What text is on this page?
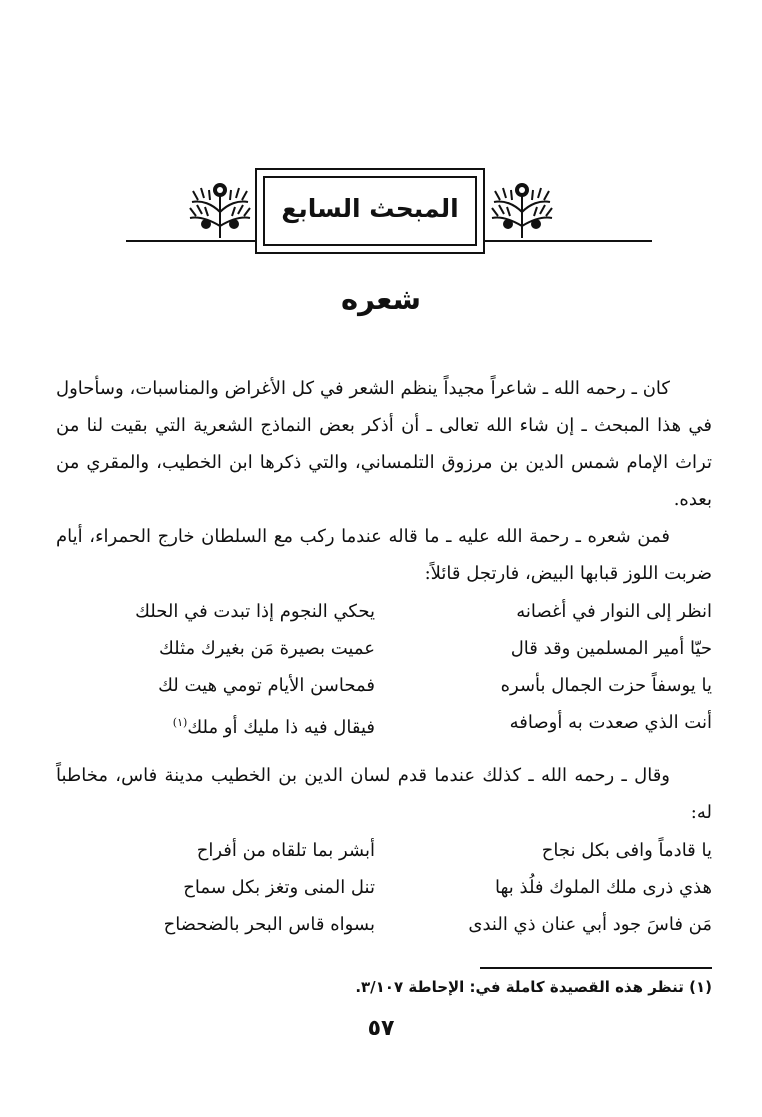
المبحث السابع
شعره

كان ـ رحمه الله ـ شاعراً مجيداً ينظم الشعر في كل الأغراض والمناسبات، وسأحاول في هذا المبحث ـ إن شاء الله تعالى ـ أن أذكر بعض النماذج الشعرية التي بقيت لنا من تراث الإمام شمس الدين بن مرزوق التلمساني، والتي ذكرها ابن الخطيب، والمقري من بعده.

فمن شعره ـ رحمة الله عليه ـ ما قاله عندما ركب مع السلطان خارج الحمراء، أيام ضربت اللوز قبابها البيض، فارتجل قائلاً:

انظر إلى النوار في أغصانه
يحكي النجوم إذا تبدت في الحلك
حيّا أمير المسلمين وقد قال
عميت بصيرة مَن بغيرك مثلك
يا يوسفاً حزت الجمال بأسره
فمحاسن الأيام تومي هيت لك
أنت الذي صعدت به أوصافه
فيقال فيه ذا مليك أو ملك$^{(١)}$

وقال ـ رحمه الله ـ كذلك عندما قدم لسان الدين بن الخطيب مدينة فاس، مخاطباً له:

يا قادماً وافى بكل نجاح
أبشر بما تلقاه من أفراح
هذي ذرى ملك الملوك فلُذ بها
تنل المنى وتغز بكل سماح
مَن فاسَ جود أبي عنان ذي الندى
بسواه قاس البحر بالضحضاح
(١) تنظر هذه القصيدة كاملة في: الإحاطة ٣/١٠٧.
٥٧
